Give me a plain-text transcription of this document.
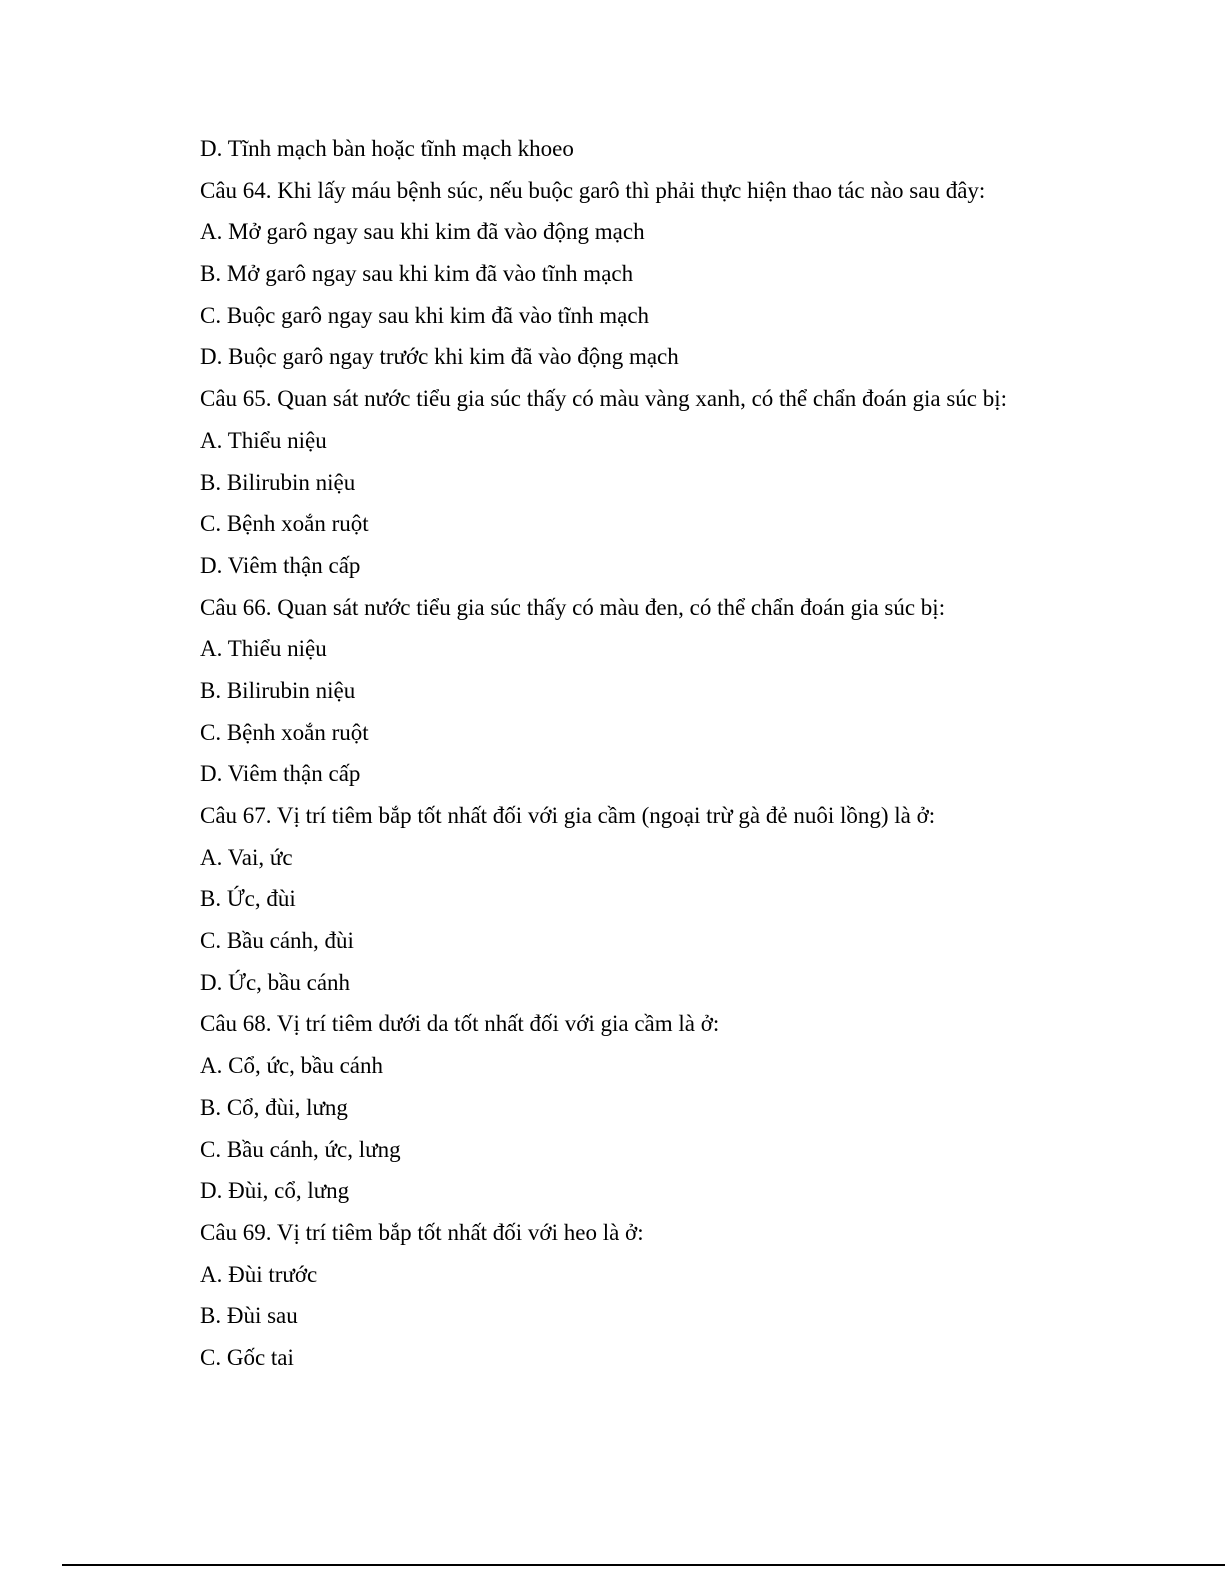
D. Tĩnh mạch bàn hoặc tĩnh mạch khoeo
Câu 64. Khi lấy máu bệnh súc, nếu buộc garô thì phải thực hiện thao tác nào sau đây:
A. Mở garô ngay sau khi kim đã vào động mạch
B. Mở garô ngay sau khi kim đã vào tĩnh mạch
C. Buộc garô ngay sau khi kim đã vào tĩnh mạch
D. Buộc garô ngay trước khi kim đã vào động mạch
Câu 65. Quan sát nước tiểu gia súc thấy có màu vàng xanh, có thể chẩn đoán gia súc bị:
A. Thiểu niệu
B. Bilirubin niệu
C. Bệnh xoắn ruột
D. Viêm thận cấp
Câu 66. Quan sát nước tiểu gia súc thấy có màu đen, có thể chẩn đoán gia súc bị:
A. Thiểu niệu
B. Bilirubin niệu
C. Bệnh xoắn ruột
D. Viêm thận cấp
Câu 67. Vị trí tiêm bắp tốt nhất đối với gia cầm (ngoại trừ gà đẻ nuôi lồng) là ở:
A. Vai, ức
B. Ức, đùi
C. Bầu cánh, đùi
D. Ức, bầu cánh
Câu 68. Vị trí tiêm dưới da tốt nhất đối với gia cầm là ở:
A. Cổ, ức, bầu cánh
B. Cổ, đùi, lưng
C. Bầu cánh, ức, lưng
D. Đùi, cổ, lưng
Câu 69. Vị trí tiêm bắp tốt nhất đối với heo là ở:
A. Đùi trước
B. Đùi sau
C. Gốc tai
